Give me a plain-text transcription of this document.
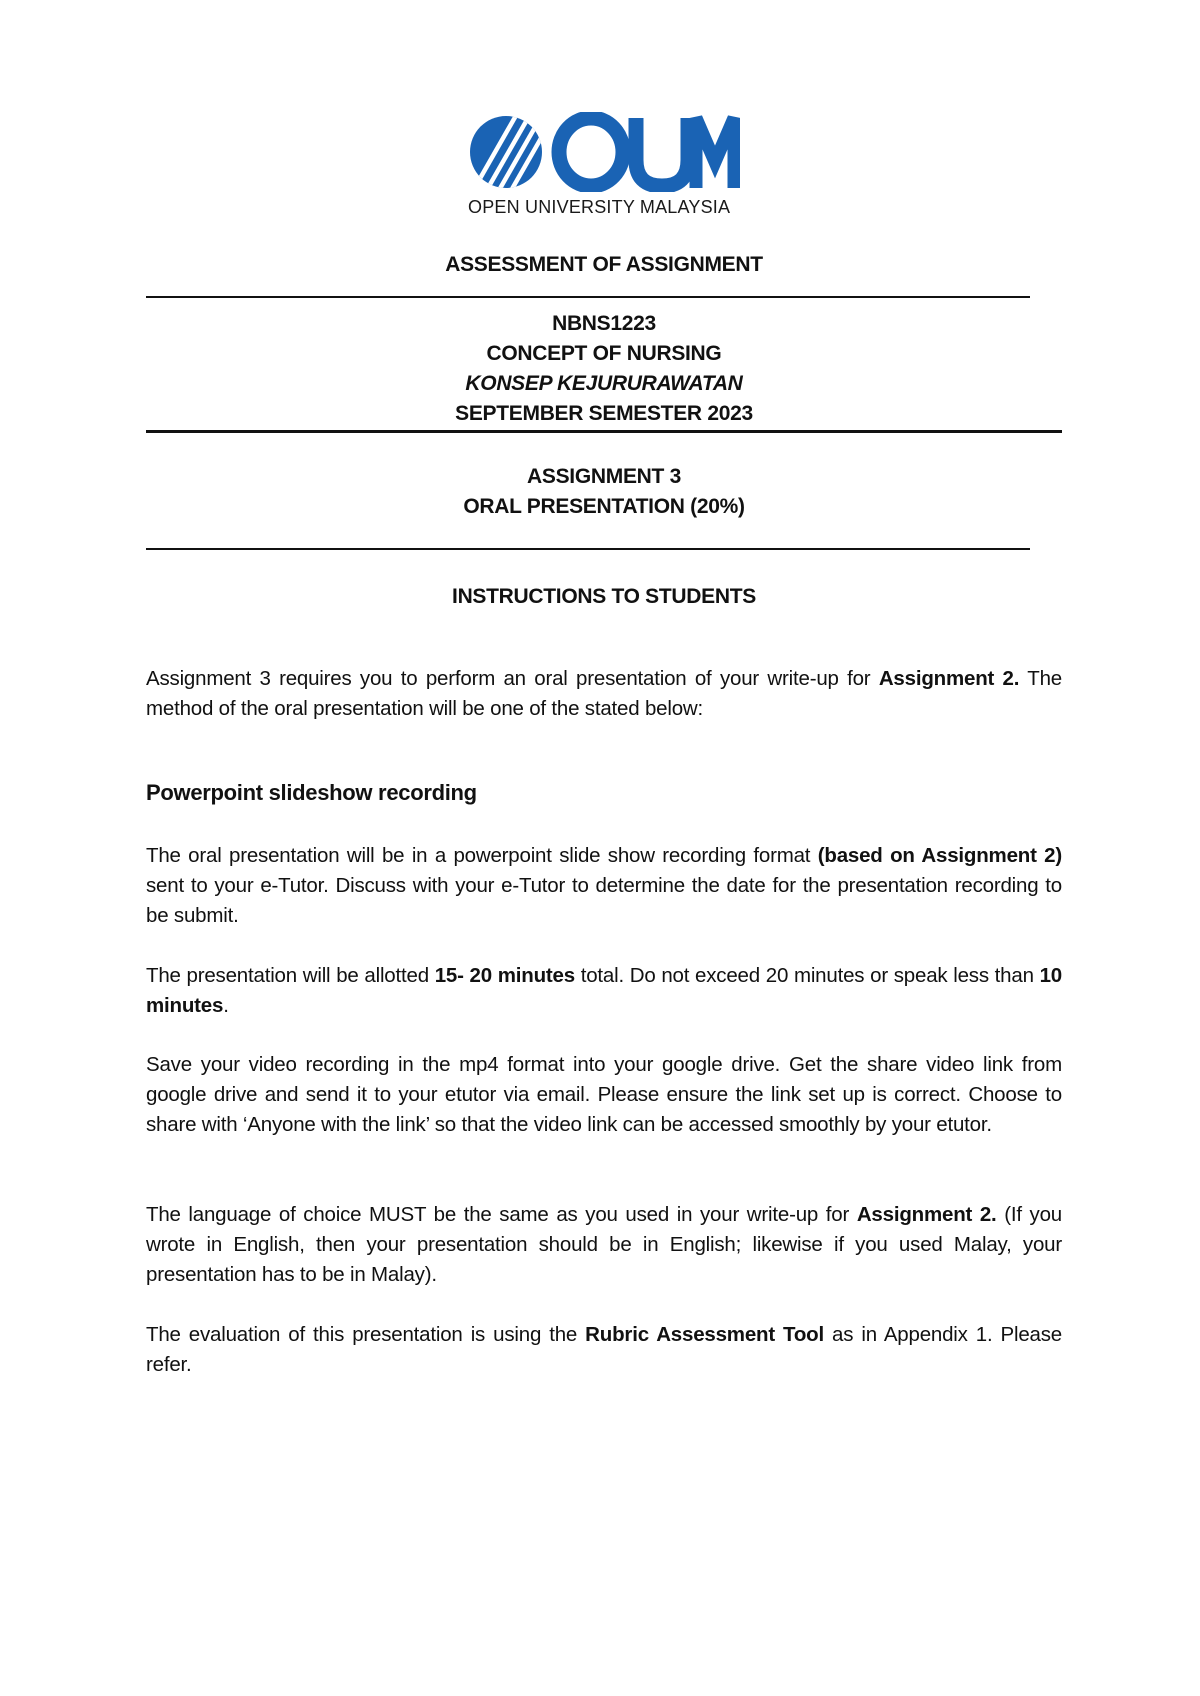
OPEN UNIVERSITY MALAYSIA
ASSESSMENT OF ASSIGNMENT
NBNS1223
CONCEPT OF NURSING
KONSEP KEJURURAWATAN
SEPTEMBER SEMESTER 2023
ASSIGNMENT 3
ORAL PRESENTATION (20%)
INSTRUCTIONS TO STUDENTS
Assignment 3 requires you to perform an oral presentation of your write-up for Assignment 2. The method of the oral presentation will be one of the stated below:
Powerpoint slideshow recording
The oral presentation will be in a powerpoint slide show recording format (based on Assignment 2) sent to your e-Tutor. Discuss with your e-Tutor to determine the date for the presentation recording to be submit.
The presentation will be allotted 15- 20 minutes total. Do not exceed 20 minutes or speak less than 10 minutes.
Save your video recording in the mp4 format into your google drive. Get the share video link from google drive and send it to your etutor via email. Please ensure the link set up is correct. Choose to share with ‘Anyone with the link’ so that the video link can be accessed smoothly by your etutor.
The language of choice MUST be the same as you used in your write-up for Assignment 2. (If you wrote in English, then your presentation should be in English; likewise if you used Malay, your presentation has to be in Malay).
The evaluation of this presentation is using the Rubric Assessment Tool as in Appendix 1. Please refer.
